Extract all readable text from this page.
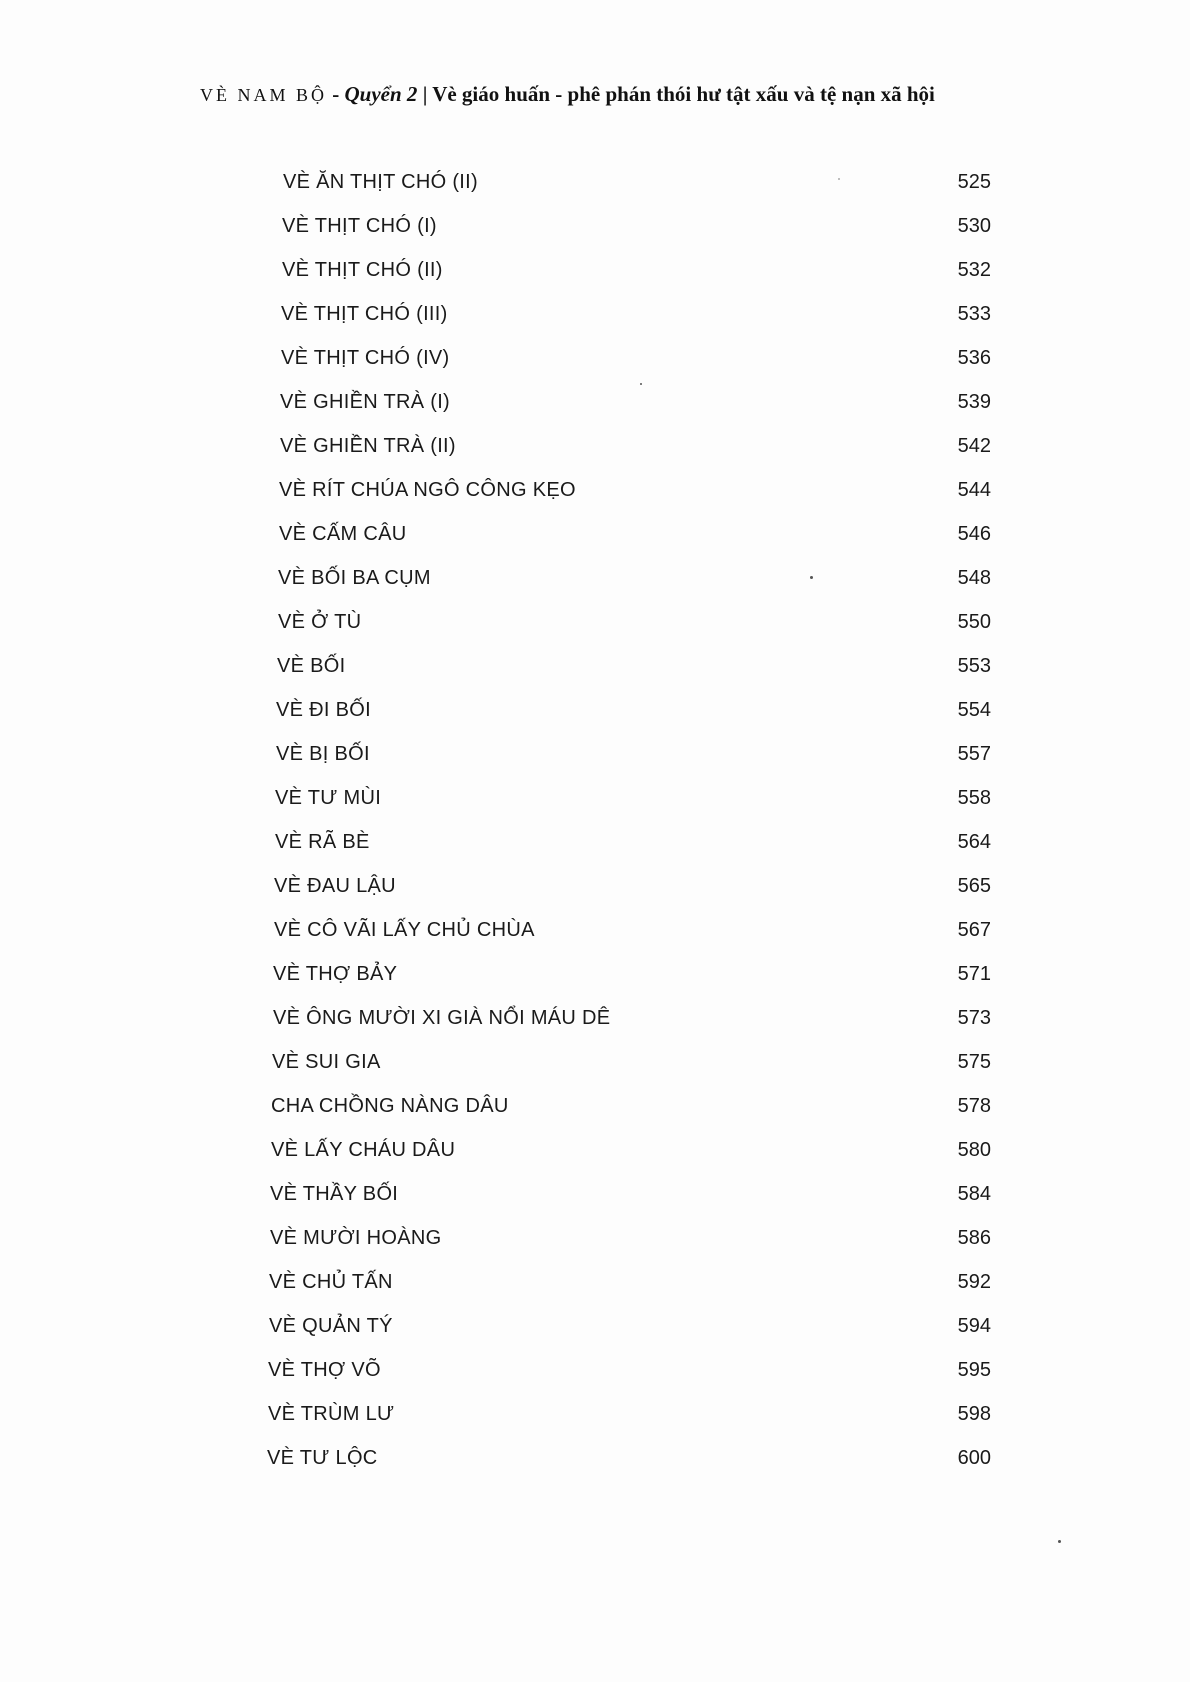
VÈ NAM BỘ - Quyển 2 | Vè giáo huấn - phê phán thói hư tật xấu và tệ nạn xã hội
VÈ ĂN THỊT CHÓ (II)	525
VÈ THỊT CHÓ (I)	530
VÈ THỊT CHÓ (II)	532
VÈ THỊT CHÓ (III)	533
VÈ THỊT CHÓ (IV)	536
VÈ GHIỀN TRÀ (I)	539
VÈ GHIỀN TRÀ (II)	542
VÈ RÍT CHÚA NGÔ CÔNG KẸO	544
VÈ CẤM CÂU	546
VÈ BỐI BA CỤM	548
VÈ Ở TÙ	550
VÈ BỐI	553
VÈ ĐI BỐI	554
VÈ BỊ BỐI	557
VÈ TƯ MÙI	558
VÈ RÃ BÈ	564
VÈ ĐAU LẬU	565
VÈ CÔ VÃI LẤY CHỦ CHÙA	567
VÈ THỢ BẢY	571
VÈ ÔNG MƯỜI XI GIÀ NỔI MÁU DÊ	573
VÈ SUI GIA	575
CHA CHỒNG NÀNG DÂU	578
VÈ LẤY CHÁU DÂU	580
VÈ THẦY BỐI	584
VÈ MƯỜI HOÀNG	586
VÈ CHỦ TẤN	592
VÈ QUẢN TÝ	594
VÈ THỢ VÕ	595
VÈ TRÙM LƯ	598
VÈ TƯ LỘC	600
